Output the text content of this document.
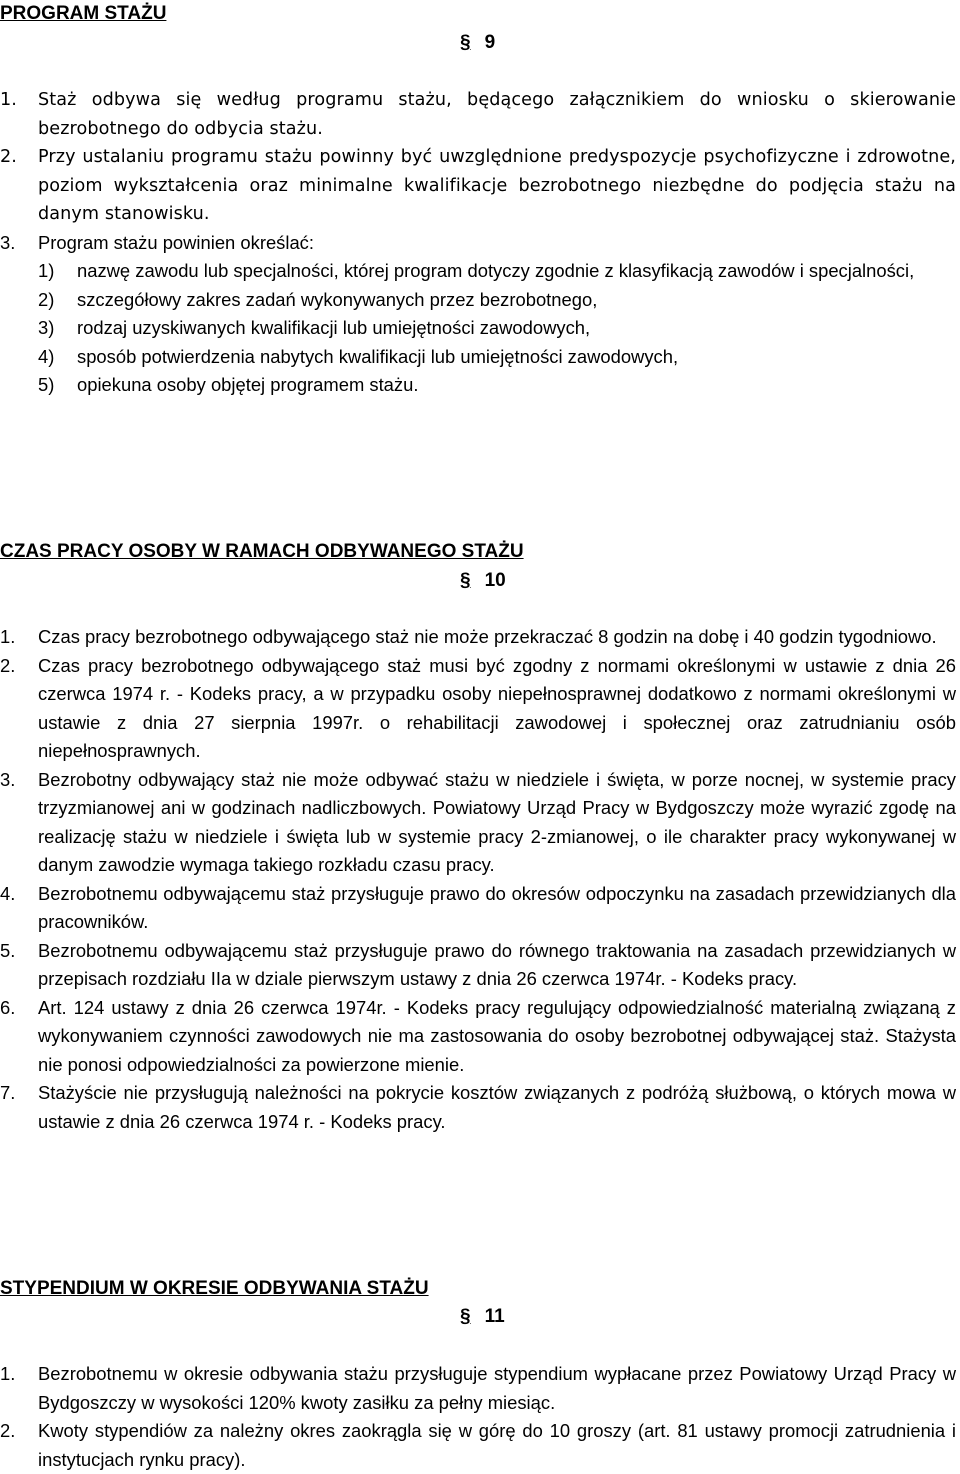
PROGRAM STAŻU
§ 9
1. Staż odbywa się według programu stażu, będącego załącznikiem do wniosku o skierowanie bezrobotnego do odbycia stażu.
2. Przy ustalaniu programu stażu powinny być uwzględnione predyspozycje psychofizyczne i zdrowotne, poziom wykształcenia oraz minimalne kwalifikacje bezrobotnego niezbędne do podjęcia stażu na danym stanowisku.
3. Program stażu powinien określać:
1) nazwę zawodu lub specjalności, której program dotyczy zgodnie z klasyfikacją zawodów i specjalności,
2) szczegółowy zakres zadań wykonywanych przez bezrobotnego,
3) rodzaj uzyskiwanych kwalifikacji lub umiejętności zawodowych,
4) sposób potwierdzenia nabytych kwalifikacji lub umiejętności zawodowych,
5) opiekuna osoby objętej programem stażu.
CZAS PRACY OSOBY W RAMACH ODBYWANEGO STAŻU
§ 10
1. Czas pracy bezrobotnego odbywającego staż nie może przekraczać 8 godzin na dobę i 40 godzin tygodniowo.
2. Czas pracy bezrobotnego odbywającego staż musi być zgodny z normami określonymi w ustawie z dnia 26 czerwca 1974 r. - Kodeks pracy, a w przypadku osoby niepełnosprawnej dodatkowo z normami określonymi w ustawie z dnia 27 sierpnia 1997r. o rehabilitacji zawodowej i społecznej oraz zatrudnianiu osób niepełnosprawnych.
3. Bezrobotny odbywający staż nie może odbywać stażu w niedziele i święta, w porze nocnej, w systemie pracy trzyzmianowej ani w godzinach nadliczbowych. Powiatowy Urząd Pracy w Bydgoszczy może wyrazić zgodę na realizację stażu w niedziele i święta lub w systemie pracy 2-zmianowej, o ile charakter pracy wykonywanej w danym zawodzie wymaga takiego rozkładu czasu pracy.
4. Bezrobotnemu odbywającemu staż przysługuje prawo do okresów odpoczynku na zasadach przewidzianych dla pracowników.
5. Bezrobotnemu odbywającemu staż przysługuje prawo do równego traktowania na zasadach przewidzianych w przepisach rozdziału IIa w dziale pierwszym ustawy z dnia 26 czerwca 1974r. - Kodeks pracy.
6. Art. 124 ustawy z dnia 26 czerwca 1974r. - Kodeks pracy regulujący odpowiedzialność materialną związaną z wykonywaniem czynności zawodowych nie ma zastosowania do osoby bezrobotnej odbywającej staż. Stażysta nie ponosi odpowiedzialności za powierzone mienie.
7. Stażyście nie przysługują należności na pokrycie kosztów związanych z podróżą służbową, o których mowa w ustawie z dnia 26 czerwca 1974 r. - Kodeks pracy.
STYPENDIUM W OKRESIE ODBYWANIA STAŻU
§ 11
1. Bezrobotnemu w okresie odbywania stażu przysługuje stypendium wypłacane przez Powiatowy Urząd Pracy w Bydgoszczy w wysokości 120% kwoty zasiłku za pełny miesiąc.
2. Kwoty stypendiów za należny okres zaokrągla się w górę do 10 groszy (art. 81 ustawy promocji zatrudnienia i instytucjach rynku pracy).
